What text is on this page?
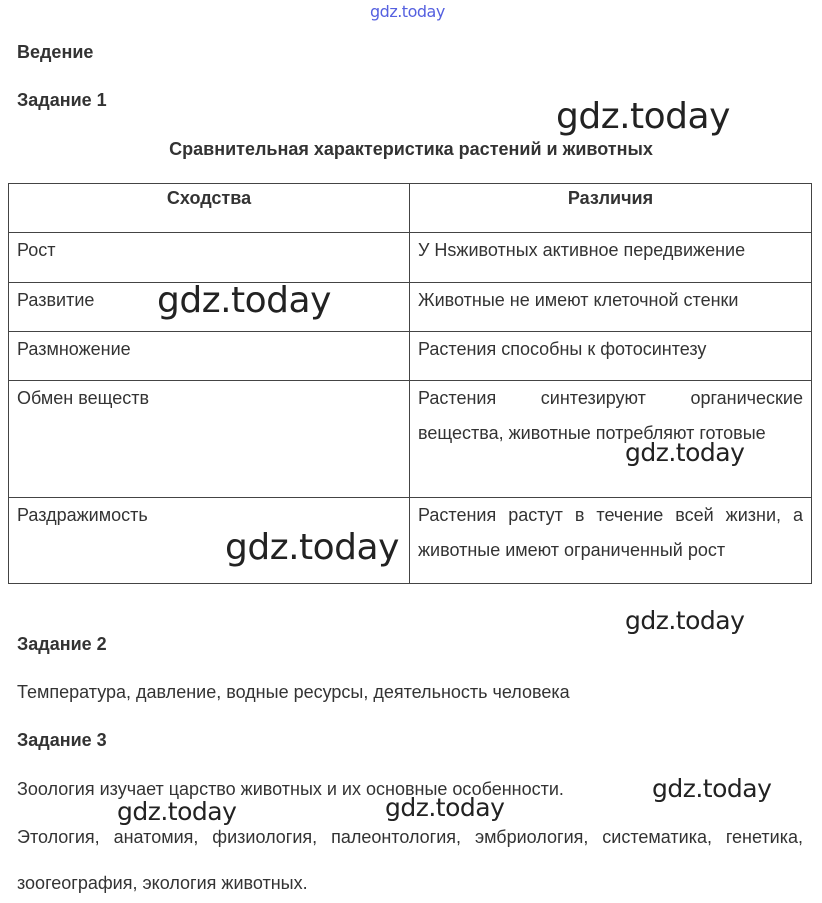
gdz.today
Ведение
Задание 1
Сравнительная характеристика растений и животных
Сходства	Различия
Рост	У Нsживотных активное передвижение
Развитие	Животные не имеют клеточной стенки
Размножение	Растения способны к фотосинтезу
Обмен веществ	Растения синтезируют органические вещества, животные потребляют готовые
Раздражимость	Растения растут в течение всей жизни, а животные имеют ограниченный рост
Задание 2
Температура, давление, водные ресурсы, деятельность человека
Задание 3
Зоология изучает царство животных и их основные особенности.

Этология, анатомия, физиология, палеонтология, эмбриология, систематика, генетика, зоогеография, экология животных.

gdz.today
gdz.today
gdz.today
gdz.today
gdz.today
gdz.today
gdz.today	gdz.today
